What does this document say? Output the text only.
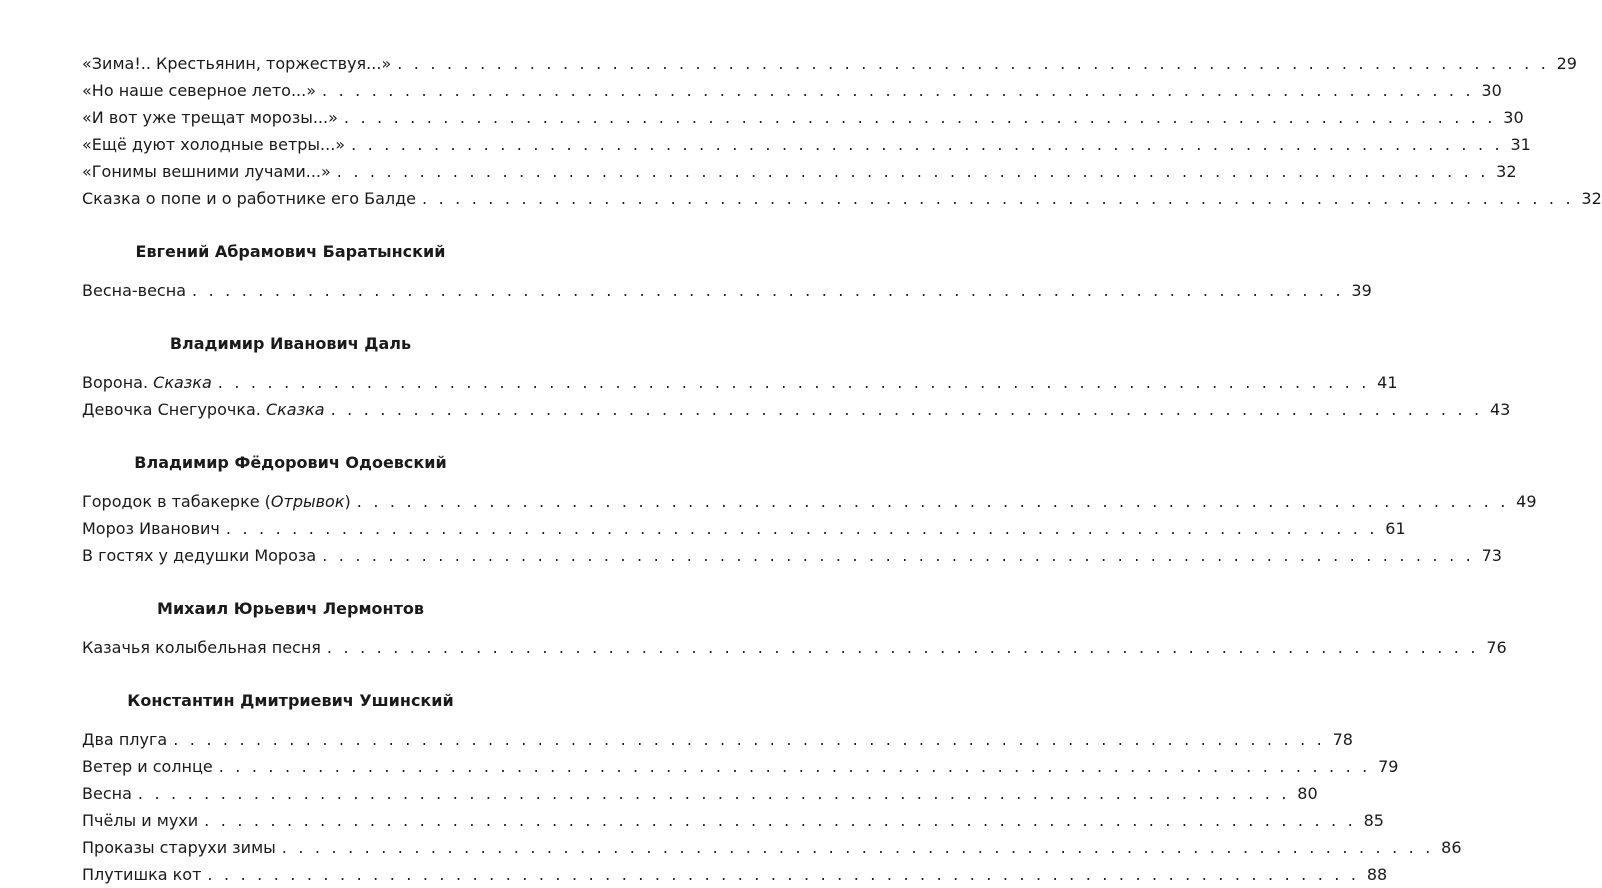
«Зима!.. Крестьянин, торжествуя...» . . . . . . . . . . . . . . . . . . . . . . . . . . . . . . . . . . . . . . . . . . . . . . . . . . . . . . . . . . . . . . . . . . . . . . 29
«Но наше северное лето...» . . . . . . . . . . . . . . . . . . . . . . . . . . . . . . . . . . . . . . . . . . . . . . . . . . . . . . . . . . . . . . . . . . . . . . 30
«И вот уже трещат морозы...» . . . . . . . . . . . . . . . . . . . . . . . . . . . . . . . . . . . . . . . . . . . . . . . . . . . . . . . . . . . . . . . . . . . . . . 30
«Ещё дуют холодные ветры...» . . . . . . . . . . . . . . . . . . . . . . . . . . . . . . . . . . . . . . . . . . . . . . . . . . . . . . . . . . . . . . . . . . . . . . 31
«Гонимы вешними лучами...» . . . . . . . . . . . . . . . . . . . . . . . . . . . . . . . . . . . . . . . . . . . . . . . . . . . . . . . . . . . . . . . . . . . . . . 32
Сказка о попе и о работнике его Балде . . . . . . . . . . . . . . . . . . . . . . . . . . . . . . . . . . . . . . . . . . . . . . . . . . . . . . . . . . . . . . . . . . . . . . 32
Евгений Абрамович Баратынский
Весна-весна . . . . . . . . . . . . . . . . . . . . . . . . . . . . . . . . . . . . . . . . . . . . . . . . . . . . . . . . . . . . . . . . . . . . . . 39
Владимир Иванович Даль
Ворона. Сказка . . . . . . . . . . . . . . . . . . . . . . . . . . . . . . . . . . . . . . . . . . . . . . . . . . . . . . . . . . . . . . . . . . . . . . 41
Девочка Снегурочка. Сказка . . . . . . . . . . . . . . . . . . . . . . . . . . . . . . . . . . . . . . . . . . . . . . . . . . . . . . . . . . . . . . . . . . . . . . 43
Владимир Фёдорович Одоевский
Городок в табакерке (Отрывок) . . . . . . . . . . . . . . . . . . . . . . . . . . . . . . . . . . . . . . . . . . . . . . . . . . . . . . . . . . . . . . . . . . . . . . 49
Мороз Иванович . . . . . . . . . . . . . . . . . . . . . . . . . . . . . . . . . . . . . . . . . . . . . . . . . . . . . . . . . . . . . . . . . . . . . . 61
В гостях у дедушки Мороза . . . . . . . . . . . . . . . . . . . . . . . . . . . . . . . . . . . . . . . . . . . . . . . . . . . . . . . . . . . . . . . . . . . . . . 73
Михаил Юрьевич Лермонтов
Казачья колыбельная песня . . . . . . . . . . . . . . . . . . . . . . . . . . . . . . . . . . . . . . . . . . . . . . . . . . . . . . . . . . . . . . . . . . . . . . 76
Константин Дмитриевич Ушинский
Два плуга . . . . . . . . . . . . . . . . . . . . . . . . . . . . . . . . . . . . . . . . . . . . . . . . . . . . . . . . . . . . . . . . . . . . . . 78
Ветер и солнце . . . . . . . . . . . . . . . . . . . . . . . . . . . . . . . . . . . . . . . . . . . . . . . . . . . . . . . . . . . . . . . . . . . . . . 79
Весна . . . . . . . . . . . . . . . . . . . . . . . . . . . . . . . . . . . . . . . . . . . . . . . . . . . . . . . . . . . . . . . . . . . . . . 80
Пчёлы и мухи . . . . . . . . . . . . . . . . . . . . . . . . . . . . . . . . . . . . . . . . . . . . . . . . . . . . . . . . . . . . . . . . . . . . . . 85
Проказы старухи зимы . . . . . . . . . . . . . . . . . . . . . . . . . . . . . . . . . . . . . . . . . . . . . . . . . . . . . . . . . . . . . . . . . . . . . . 86
Плутишка кот . . . . . . . . . . . . . . . . . . . . . . . . . . . . . . . . . . . . . . . . . . . . . . . . . . . . . . . . . . . . . . . . . . . . . . 88
